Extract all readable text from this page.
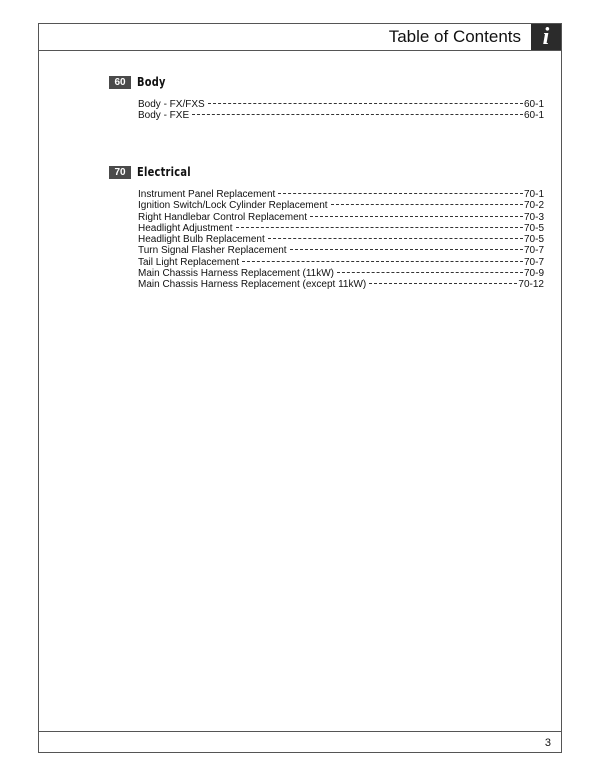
Table of Contents i
60 Body
Body - FX/FXS	60-1
Body - FXE	60-1
70 Electrical
Instrument Panel Replacement	70-1
Ignition Switch/Lock Cylinder Replacement	70-2
Right Handlebar Control Replacement	70-3
Headlight Adjustment	70-5
Headlight Bulb Replacement	70-5
Turn Signal Flasher Replacement	70-7
Tail Light Replacement	70-7
Main Chassis Harness Replacement (11kW)	70-9
Main Chassis Harness Replacement (except 11kW)	70-12
3
